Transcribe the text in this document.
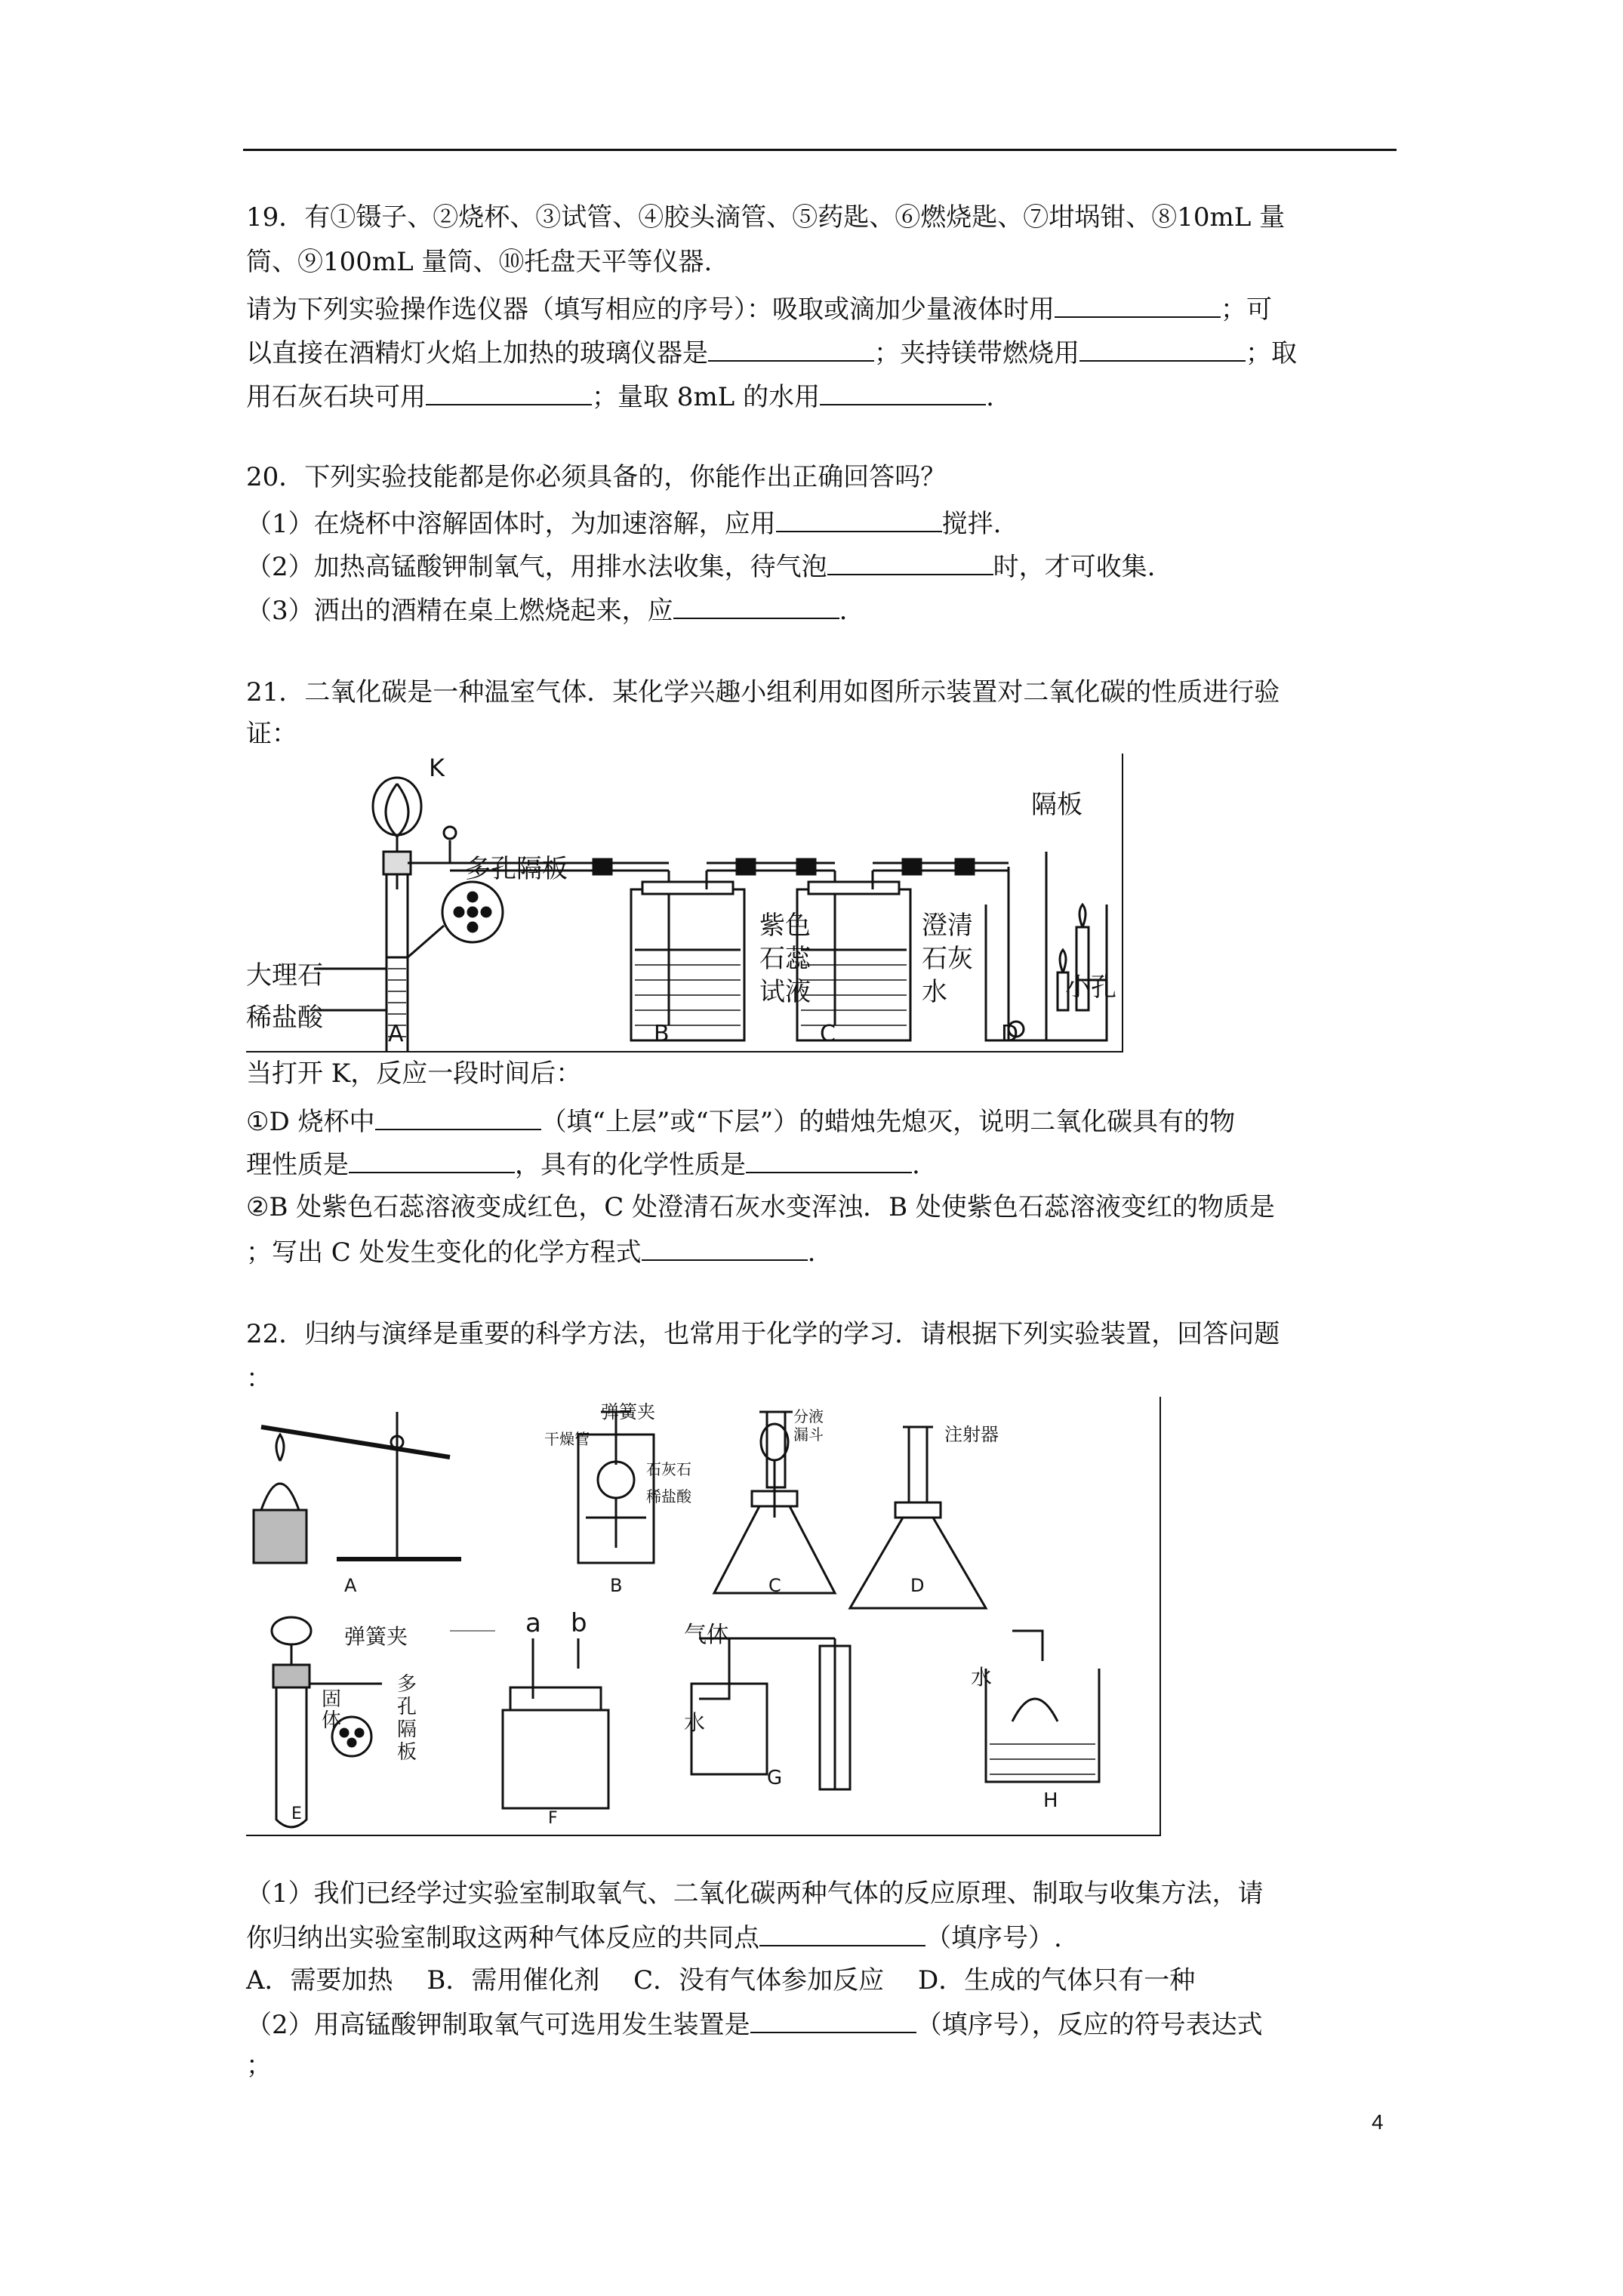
19．有①镊子、②烧杯、③试管、④胶头滴管、⑤药匙、⑥燃烧匙、⑦坩埚钳、⑧10mL 量
筒、⑨100mL 量筒、⑩托盘天平等仪器.
请为下列实验操作选仪器（填写相应的序号）：吸取或滴加少量液体时用	；可
以直接在酒精灯火焰上加热的玻璃仪器是	；夹持镁带燃烧用	；取
用石灰石块可用	；量取 8mL 的水用	.
20．下列实验技能都是你必须具备的，你能作出正确回答吗？
（1）在烧杯中溶解固体时，为加速溶解，应用	搅拌.
（2）加热高锰酸钾制氧气，用排水法收集，待气泡	时，才可收集.
（3）洒出的酒精在桌上燃烧起来，应	.
21．二氧化碳是一种温室气体．某化学兴趣小组利用如图所示装置对二氧化碳的性质进行验
证：
K
多孔隔板
大理石
稀盐酸
紫色
石蕊
试液
澄清
石灰
水
隔板
小孔
A	B	C	D
当打开 K，反应一段时间后：
①D 烧杯中	（填“上层”或“下层”）的蜡烛先熄灭，说明二氧化碳具有的物
理性质是	，具有的化学性质是	.
②B 处紫色石蕊溶液变成红色，C 处澄清石灰水变浑浊．B 处使紫色石蕊溶液变红的物质是
；写出 C 处发生变化的化学方程式	.
22．归纳与演绎是重要的科学方法，也常用于化学的学习．请根据下列实验装置，回答问题
：
A	B	C	D
弹簧夹
干燥管
石灰石
稀盐酸
分液
漏斗	注射器
弹簧夹
固
体
多
孔
隔
板
E
a b
F
气体
水
G
水
H
（1）我们已经学过实验室制取氧气、二氧化碳两种气体的反应原理、制取与收集方法，请
你归纳出实验室制取这两种气体反应的共同点	（填序号）.
A．需要加热　 B．需用催化剂　 C．没有气体参加反应　 D．生成的气体只有一种
（2）用高锰酸钾制取氧气可选用发生装置是	（填序号），反应的符号表达式
；
4
